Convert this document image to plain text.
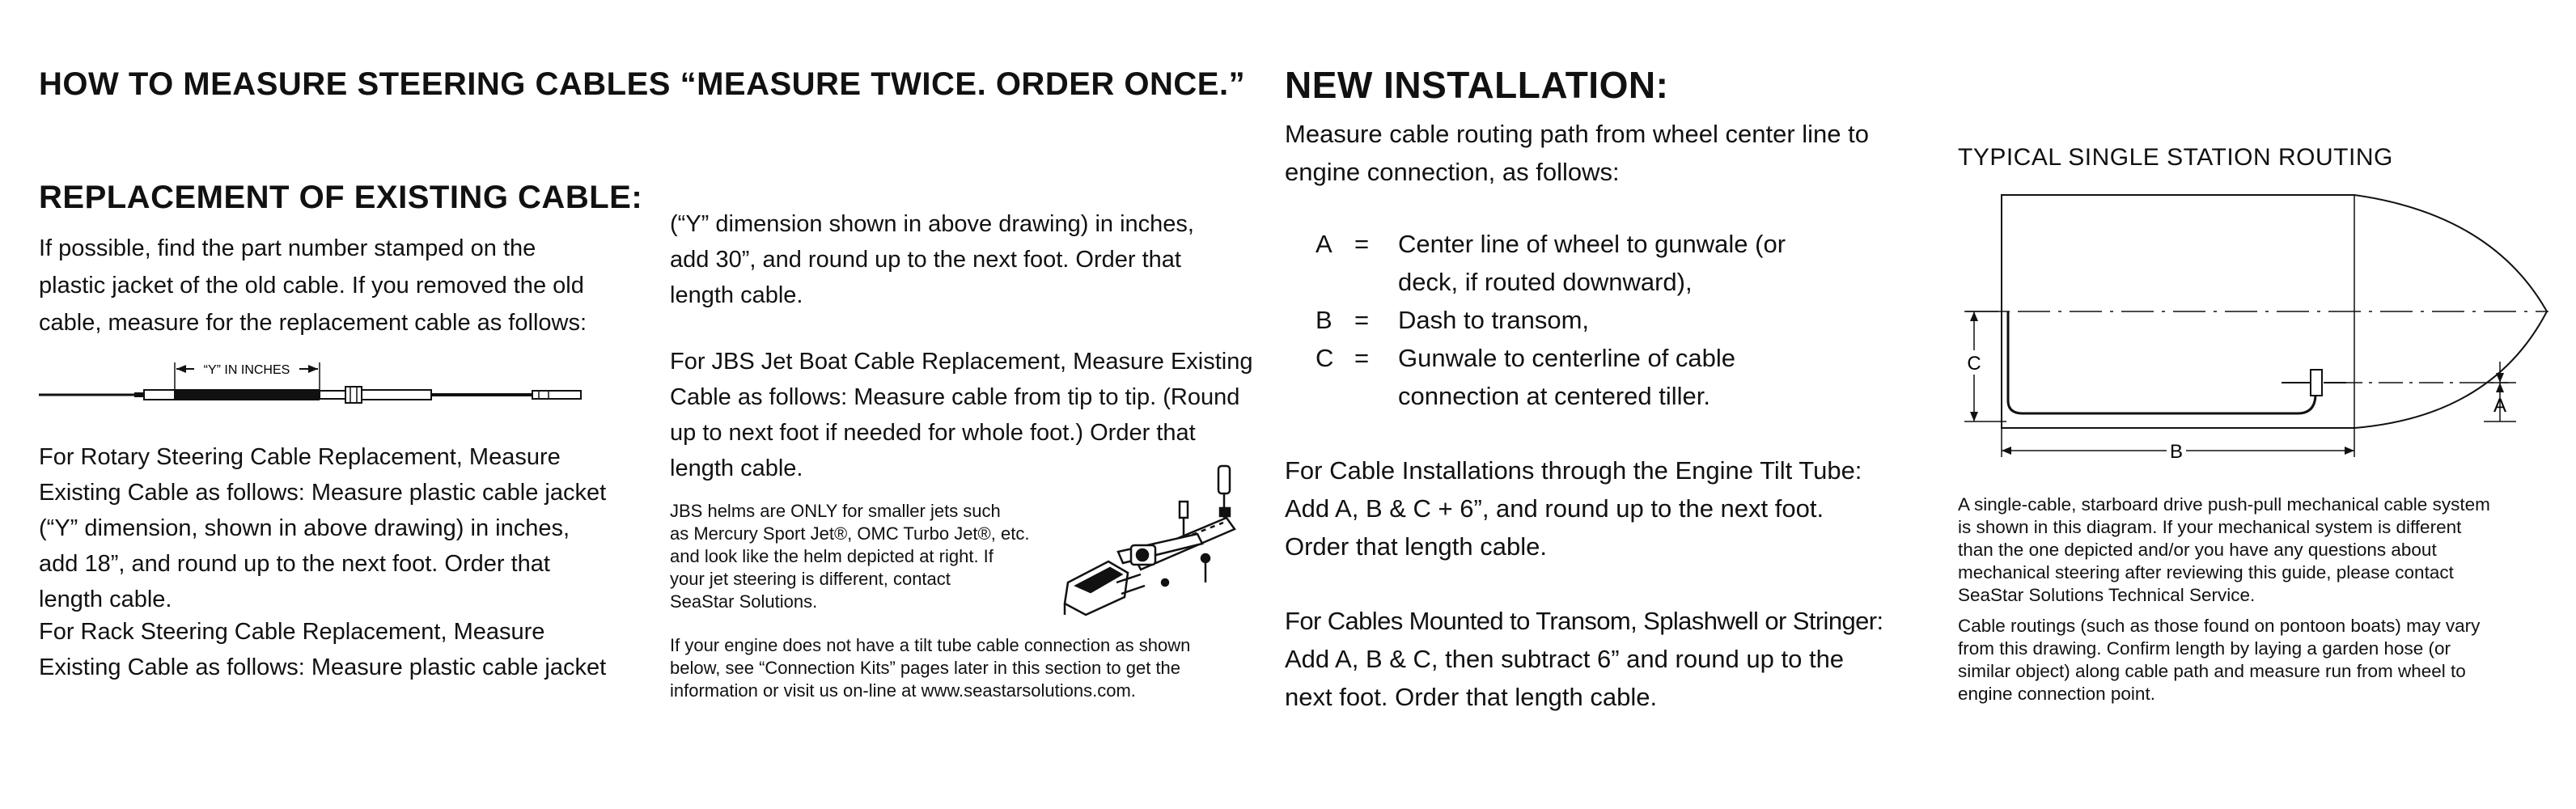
HOW TO MEASURE STEERING CABLES “MEASURE TWICE. ORDER ONCE.”
REPLACEMENT OF EXISTING CABLE:
If possible, find the part number stamped on the
plastic jacket of the old cable. If you removed the old
cable, measure for the replacement cable as follows:
“Y” IN INCHES
For Rotary Steering Cable Replacement, Measure
Existing Cable as follows: Measure plastic cable jacket
(“Y” dimension, shown in above drawing) in inches,
add 18”, and round up to the next foot. Order that
length cable.
For Rack Steering Cable Replacement, Measure
Existing Cable as follows: Measure plastic cable jacket
(“Y” dimension shown in above drawing) in inches,
add 30”, and round up to the next foot. Order that
length cable.
For JBS Jet Boat Cable Replacement, Measure Existing
Cable as follows: Measure cable from tip to tip. (Round
up to next foot if needed for whole foot.) Order that
length cable.
JBS helms are ONLY for smaller jets such
as Mercury Sport Jet®, OMC Turbo Jet®, etc.
and look like the helm depicted at right. If
your jet steering is different, contact
SeaStar Solutions.
If your engine does not have a tilt tube cable connection as shown
below, see “Connection Kits” pages later in this section to get the
information or visit us on-line at www.seastarsolutions.com.
NEW INSTALLATION:
Measure cable routing path from wheel center line to
engine connection, as follows:
A = Center line of wheel to gunwale (or
deck, if routed downward),
B = Dash to transom,
C = Gunwale to centerline of cable
connection at centered tiller.
For Cable Installations through the Engine Tilt Tube:
Add A, B & C + 6”, and round up to the next foot.
Order that length cable.
For Cables Mounted to Transom, Splashwell or Stringer:
Add A, B & C, then subtract 6” and round up to the
next foot. Order that length cable.
TYPICAL SINGLE STATION ROUTING
C
B
A
A single-cable, starboard drive push-pull mechanical cable system
is shown in this diagram. If your mechanical system is different
than the one depicted and/or you have any questions about
mechanical steering after reviewing this guide, please contact
SeaStar Solutions Technical Service.
Cable routings (such as those found on pontoon boats) may vary
from this drawing. Confirm length by laying a garden hose (or
similar object) along cable path and measure run from wheel to
engine connection point.
